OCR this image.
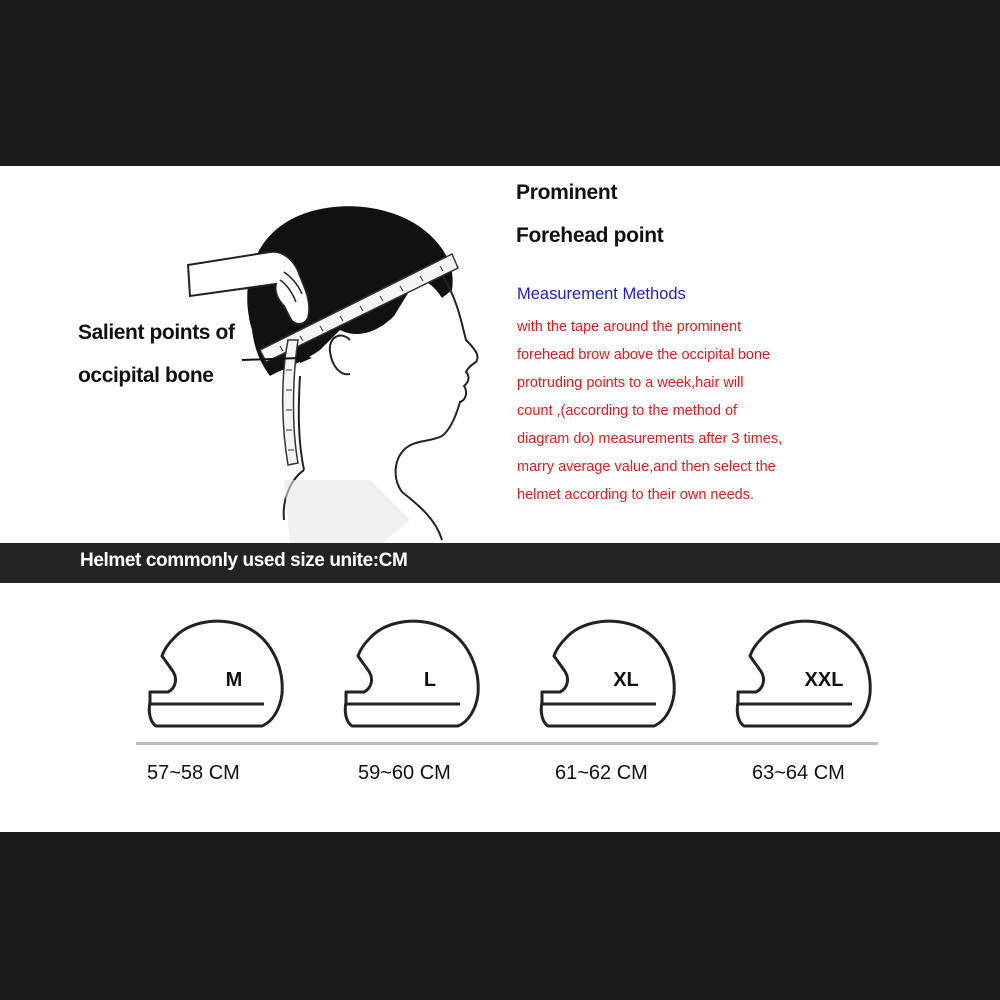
Prominent
Forehead point
Salient points of
occipital bone
Measurement Methods
with the tape around the prominent
forehead brow above the occipital bone
protruding points to a week,hair will
count ,(according to the method of
diagram do) measurements after 3 times,
marry average value,and then select the
helmet according to their own needs.
Helmet commonly used size unite:CM
M	L	XL	XXL
57~58 CM	59~60 CM	61~62 CM	63~64 CM
